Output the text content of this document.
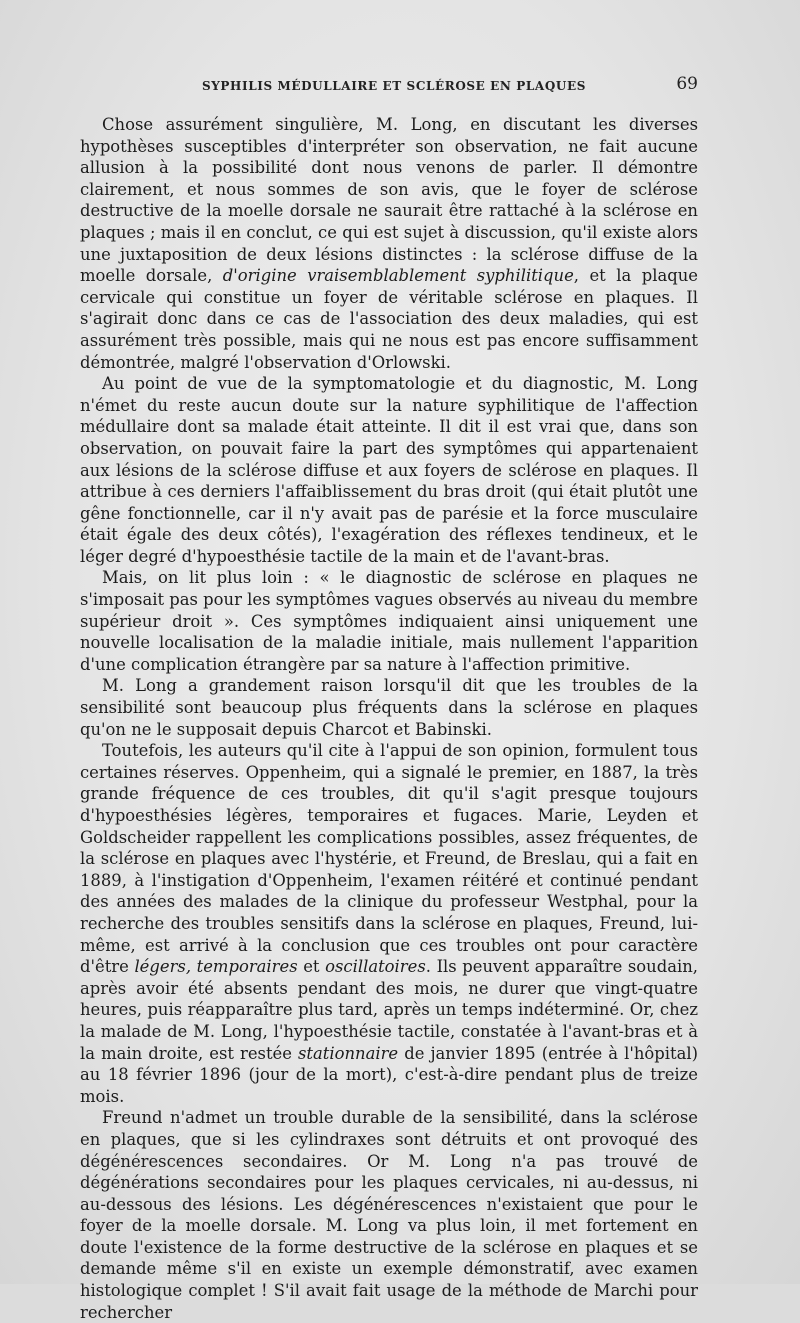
SYPHILIS MÉDULLAIRE ET SCLÉROSE EN PLAQUES	69

Chose assurément singulière, M. Long, en discutant les diverses hypothèses susceptibles d'interpréter son observation, ne fait aucune allusion à la possibilité dont nous venons de parler. Il démontre clairement, et nous sommes de son avis, que le foyer de sclérose destructive de la moelle dorsale ne saurait être rattaché à la sclérose en plaques ; mais il en conclut, ce qui est sujet à discussion, qu'il existe alors une juxtaposition de deux lésions distinctes : la sclérose diffuse de la moelle dorsale, d'origine vraisemblablement syphilitique, et la plaque cervicale qui constitue un foyer de véritable sclérose en plaques. Il s'agirait donc dans ce cas de l'association des deux maladies, qui est assurément très possible, mais qui ne nous est pas encore suffisamment démontrée, malgré l'observation d'Orlowski.

Au point de vue de la symptomatologie et du diagnostic, M. Long n'émet du reste aucun doute sur la nature syphilitique de l'affection médullaire dont sa malade était atteinte. Il dit il est vrai que, dans son observation, on pouvait faire la part des symptômes qui appartenaient aux lésions de la sclérose diffuse et aux foyers de sclérose en plaques. Il attribue à ces derniers l'affaiblissement du bras droit (qui était plutôt une gêne fonctionnelle, car il n'y avait pas de parésie et la force musculaire était égale des deux côtés), l'exagération des réflexes tendineux, et le léger degré d'hypoesthésie tactile de la main et de l'avant-bras.

Mais, on lit plus loin : « le diagnostic de sclérose en plaques ne s'imposait pas pour les symptômes vagues observés au niveau du membre supérieur droit ». Ces symptômes indiquaient ainsi uniquement une nouvelle localisation de la maladie initiale, mais nullement l'apparition d'une complication étrangère par sa nature à l'affection primitive.

M. Long a grandement raison lorsqu'il dit que les troubles de la sensibilité sont beaucoup plus fréquents dans la sclérose en plaques qu'on ne le supposait depuis Charcot et Babinski.

Toutefois, les auteurs qu'il cite à l'appui de son opinion, formulent tous certaines réserves. Oppenheim, qui a signalé le premier, en 1887, la très grande fréquence de ces troubles, dit qu'il s'agit presque toujours d'hypoesthésies légères, temporaires et fugaces. Marie, Leyden et Goldscheider rappellent les complications possibles, assez fréquentes, de la sclérose en plaques avec l'hystérie, et Freund, de Breslau, qui a fait en 1889, à l'instigation d'Oppenheim, l'examen réitéré et continué pendant des années des malades de la clinique du professeur Westphal, pour la recherche des troubles sensitifs dans la sclérose en plaques, Freund, lui-même, est arrivé à la conclusion que ces troubles ont pour caractère d'être légers, temporaires et oscillatoires. Ils peuvent apparaître soudain, après avoir été absents pendant des mois, ne durer que vingt-quatre heures, puis réapparaître plus tard, après un temps indéterminé. Or, chez la malade de M. Long, l'hypoesthésie tactile, constatée à l'avant-bras et à la main droite, est restée stationnaire de janvier 1895 (entrée à l'hôpital) au 18 février 1896 (jour de la mort), c'est-à-dire pendant plus de treize mois.

Freund n'admet un trouble durable de la sensibilité, dans la sclérose en plaques, que si les cylindraxes sont détruits et ont provoqué des dégénérescences secondaires. Or M. Long n'a pas trouvé de dégénérations secondaires pour les plaques cervicales, ni au-dessus, ni au-dessous des lésions. Les dégénérescences n'existaient que pour le foyer de la moelle dorsale. M. Long va plus loin, il met fortement en doute l'existence de la forme destructive de la sclérose en plaques et se demande même s'il en existe un exemple démonstratif, avec examen histologique complet ! S'il avait fait usage de la méthode de Marchi pour rechercher
